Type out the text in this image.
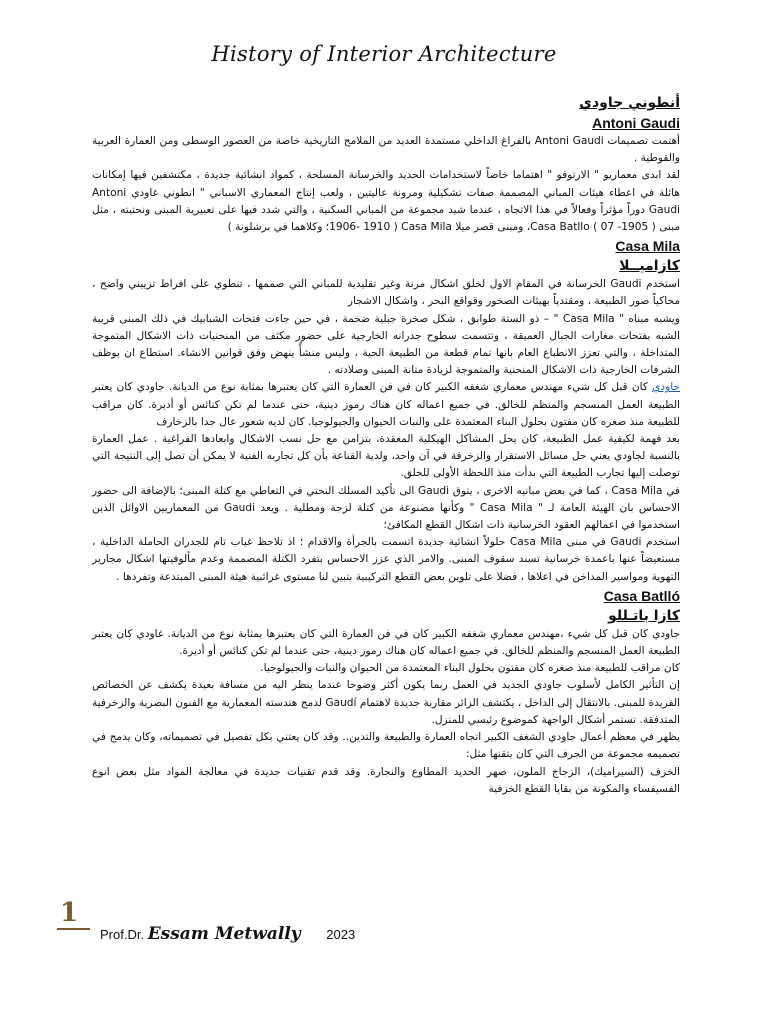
History of Interior Architecture

أنطوني جاودي

Antoni Gaudi

أهتمت تصميمات Antoni Gaudi بالفراغ الداخلي مستمدة العديد من الملامح التاريخية خاصة من العصور الوسطى ومن العمارة العربية والقوطية .

لقد ابدى معماريو " الارتوفو " اهتماما خاصاً لاستخدامات الحديد والخرسانة المسلحة ، كمواد انشائية جديدة ، مكتشفين فيها إمكانات هائلة في اعطاء هيئات المباني المصممة صفات تشكيلية ومرونة عاليتين ، ولعب إنتاج المعماري الاسباني " انطوني غاودي Antoni Gaudi دوراً مؤثراً وفعالاً في هذا الاتجاه ، عندما شيد مجموعة من المباني السكنية ، والتي شدد فيها على تعبيرية المبنى ونحتيته ، مثل مبنى Casa Batllo ( 07 -1905 )، ومبنى قصر ميلا Casa Mila ( 1906- 1910؛ وكلاهما في برشلونة )

Casa Mila

كازاميــلا

استخدم Gaudi الخرسانة في المقام الاول لخلق اشكال مرنة وغير تقليدية للمباني التي صممها ، تنطوي على افراط تزييني واضح ، محاكياً صور الطبيعة ، ومقتدياً بهيئات الصخور وقواقع البحر ، واشكال الاشجار

ويشبه مبناه " Casa Mila " – ذو الستة طوابق ، شكل صخرة جبلية ضخمة ، في حين جاءت فتحات الشبابيك في ذلك المبنى قريبة الشبه بفتحات مغارات الجبال العميقة ، وتتسمت سطوح جدرانه الخارجية على حضور مكثف من المنحنيات ذات الاشكال المتموجة المتداخلة ، والتي تعزز الانطباع العام بانها تمام قطعة من الطبيعة الحية ، وليس منشأً ينهض وفق قوانين الانشاء. استطاع ان يوظف الشرفات الخارجية ذات الاشكال المنحنية والمتموجة لزيادة متانة المبنى وصلادته .

جاودي كان قبل كل شيء مهندس معماري شغفه الكبير كان في فن العمارة التي كان يعتبرها بمثابة نوع من الديانة. جاودي كان يعتبر الطبيعة العمل المنسجم والمنظم للخالق. في جميع اعماله كان هناك رموز دينية، حتى عندما لم تكن كنائس أو أديرة. كان مراقب للطبيعة منذ صغره كان مفتون بحلول البناء المعتمدة على والنبات الحيوان والجيولوجيا. كان لديه شعور عال جدا بالزخارف

بعد فهمة لكيفية عمل الطبيعة، كان يحل المشاكل الهيكلية المعقدة، بتزامن مع حل نسب الاشكال وابعادها الفراغية . عمل العمارة بالنسبة لجاودي يعني حل مسائل الاستقرار والزخرفة في آن واحد، ولدية القناعة بأن كل تجاربه الفنية لا يمكن أن تصل إلى النتيجة التي توصلت إليها تجارب الطبيعة التي بدأت منذ اللحظة الأولى للخلق.

في Casa Mila ، كما في بعض مبانيه الاخرى ، يتوق Gaudi الى تأكيد المسلك النحتي في التعاطي مع كتلة المبنى؛ بالإضافة الى حضور الاحساس بان الهيئة العامة لـ " Casa Mila " وكأنها مصنوعة من كتلة لزجة ومطلية . ويعد Gaudi من المعماريين الاوائل الذين استخدموا في اعمالهم العقود الخرسانية ذات اشكال القطع المكافئ؛

استخدم Gaudi في مبنى Casa Mila حلولاً انشائية جديدة اتسمت بالجرأة والاقدام ؛ اذ تلاحظ غياب تام للجدران الحاملة الداخلية ، مستعيضاً عنها باعمدة خرسانية تسند سقوف المبنى. والامر الذي عزز الاحساس بتفرد الكتلة المصممة وعدم مألوفيتها اشكال مجارير التهوية ومواسير المداخن في اعلاها ، فضلا على تلوين بعض القطع التركيبية بتبين لنا مستوى غرائبية هيئة المبنى المبتدعة وتفردها .

Casa Batlló

كازا باتـللو

جاودي كان قبل كل شيء ،مهندس معماري شغفه الكبير كان في فن العمارة التي كان يعتبرها بمثابة نوع من الديانة. غاودي كان يعتبر الطبيعة العمل المنسجم والمنظم للخالق. في جميع اعماله كان هناك رموز دينية، حتى عندما لم تكن كنائس أو أديرة.

كان مراقب للطبيعة منذ صغره كان مفتون بحلول البناء المعتمدة من الحيوان والنبات والجيولوجيا.

إن التأثير الكامل لأسلوب جاودي الجديد في العمل ربما يكون أكثر وضوحا عندما ينظر اليه من مسافة بعيدة يكشف عن الخصائص الفريدة للمبنى. بالانتقال إلى الداخل ، يكتشف الزائر مقاربة جديدة لاهتمام Gaudí لدمج هندسته المعمارية مع الفنون البصرية والزخرفية المتدفقة. تستمر أشكال الواجهة كموضوع رئيسي للمنزل.

يظهر في معظم أعمال جاودي الشغف الكبير اتجاه العمارة والطبيعة والتدين.. وقد كان يعتني بكل تفصيل في تصميماته، وكان يدمج في تصميمه مجموعة من الجرف التي كان يتقنها مثل:

الخزف (السيراميك)، الزجاج الملون، صهر الحديد المطاوع والنجارة. وقد قدم تقنيات جديدة في معالجة المواد مثل بعض انوع الفسيفساء والمكونة من بقايا القطع الخزفية

1
Prof.Dr. Essam Metwally 2023
